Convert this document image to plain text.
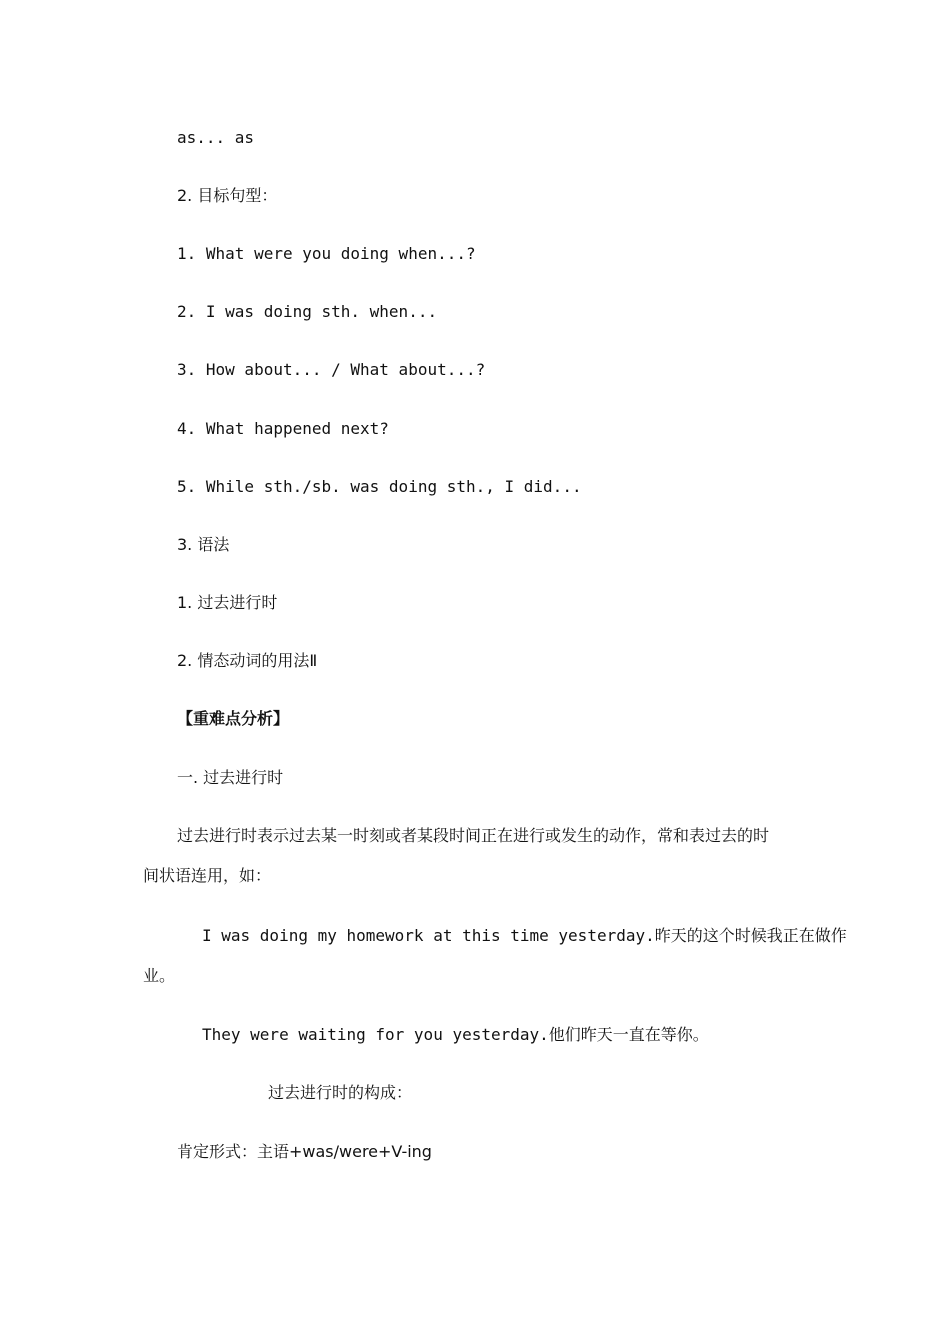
as... as
2. 目标句型：
1. What were you doing when...?
2. I was doing sth. when...
3. How about... / What about...?
4. What happened next?
5. While sth./sb. was doing sth., I did...
3. 语法
1. 过去进行时
2. 情态动词的用法Ⅱ
【重难点分析】
一. 过去进行时
过去进行时表示过去某一时刻或者某段时间正在进行或发生的动作，常和表过去的时
间状语连用，如：
I was doing my homework at this time yesterday.昨天的这个时候我正在做作
业。
They were waiting for you yesterday.他们昨天一直在等你。
过去进行时的构成：
肯定形式：主语+was/were+V-ing
